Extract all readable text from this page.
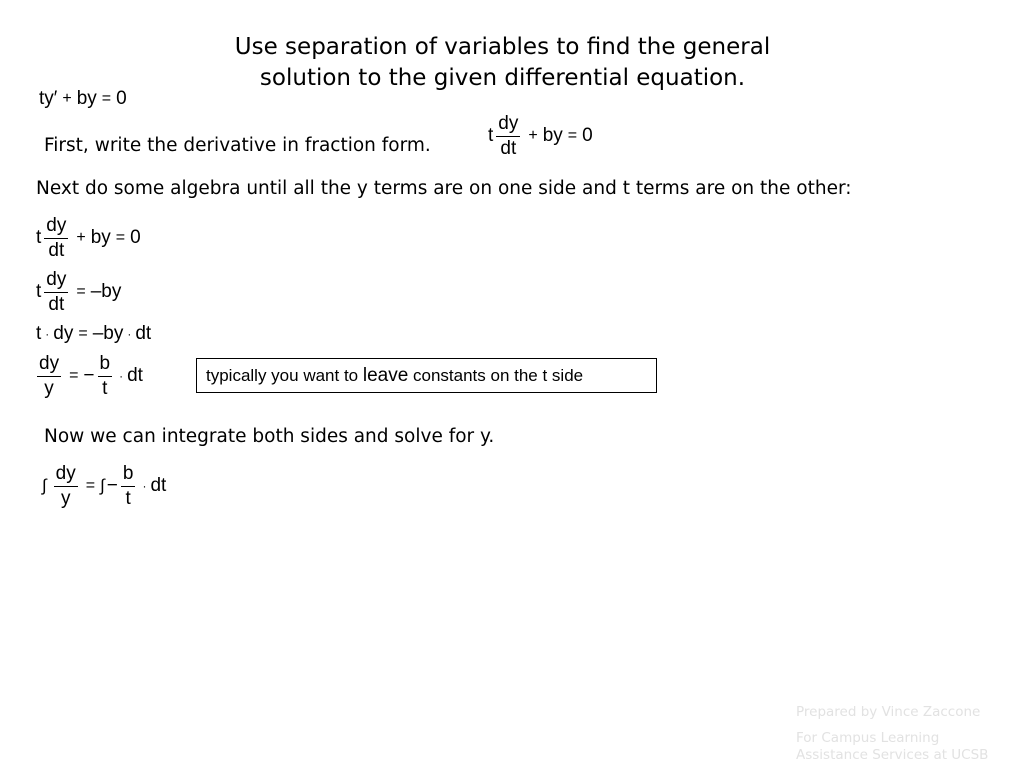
Use separation of variables to find the general
solution to the given differential equation.
ty′ + by = 0
First, write the derivative in fraction form.	t $\frac{dy}{dt}$ + by = 0
Next do some algebra until all the y terms are on one side and t terms are on the other:
t $\frac{dy}{dt}$ + by = 0
t $\frac{dy}{dt} = -by$
t · dy = –by · dt
$\frac{dy}{y}$ = − $\frac{b}{t}$ · dt	typically you want to leave constants on the t side
Now we can integrate both sides and solve for y.
∫ $\frac{dy}{y}$ = ∫ − $\frac{b}{t}$ · dt
Prepared by Vince Zaccone
For Campus Learning
Assistance Services at UCSB
